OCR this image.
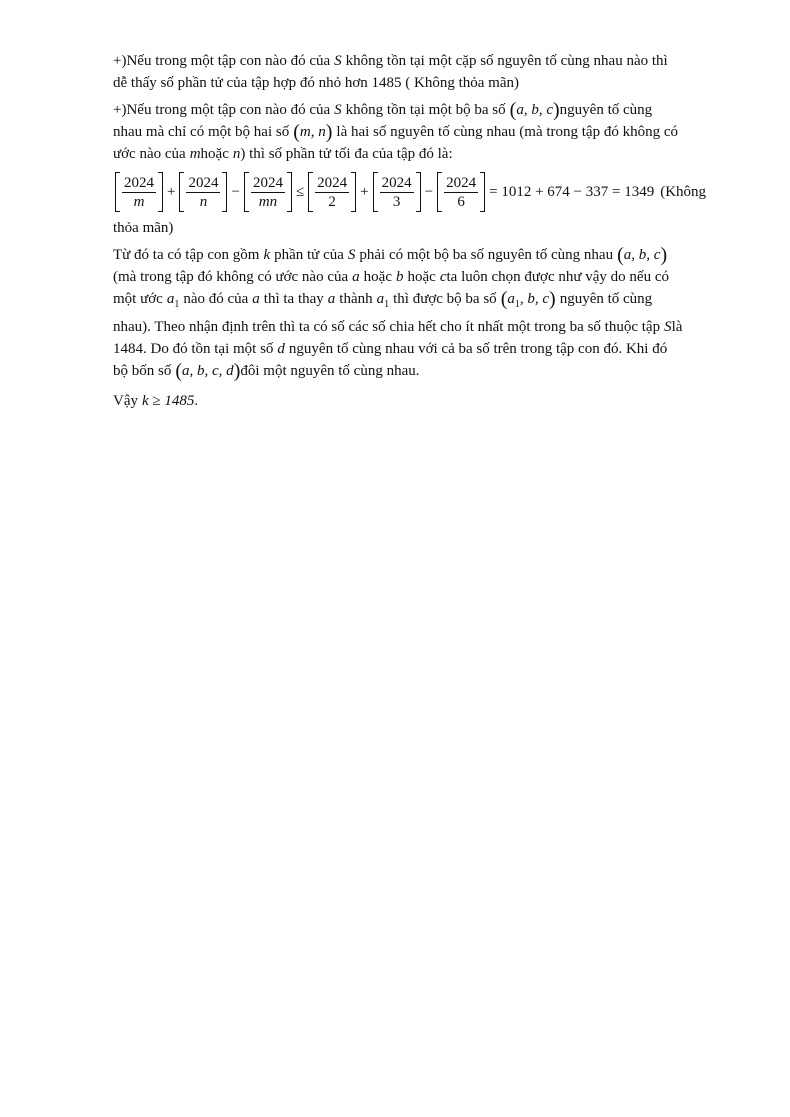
+)Nếu trong một tập con nào đó của S không tồn tại một cặp số nguyên tố cùng nhau nào thì
dễ thấy số phần tử của tập hợp đó nhỏ hơn 1485 ( Không thỏa mãn)
+)Nếu trong một tập con nào đó của S không tồn tại một bộ ba số (a, b, c)nguyên tố cùng
nhau mà chỉ có một bộ hai số (m, n) là hai số nguyên tố cùng nhau (mà trong tập đó không có
ước nào của mhoặc n) thì số phần tử tối đa của tập đó là:
$\frac{2024}{m} + \frac{2024}{n} - \frac{2024}{mn} \le \frac{2024}{2} + \frac{2024}{3} - \frac{2024}{6} = 1012 + 674 - 337 = 1349$ (Không
thỏa mãn)
Từ đó ta có tập con gồm k phần tử của S phải có một bộ ba số nguyên tố cùng nhau (a, b, c)
(mà trong tập đó không có ước nào của a hoặc b hoặc cta luôn chọn được như vậy do nếu có
một ước $a_1$ nào đó của a thì ta thay a thành $a_1$ thì được bộ ba số ($a_1$, b, c) nguyên tố cùng
nhau). Theo nhận định trên thì ta có số các số chia hết cho ít nhất một trong ba số thuộc tập Slà
1484. Do đó tồn tại một số d nguyên tố cùng nhau với cả ba số trên trong tập con đó. Khi đó
bộ bốn số (a, b, c, d)đôi một nguyên tố cùng nhau.
Vậy k ≥ 1485.
